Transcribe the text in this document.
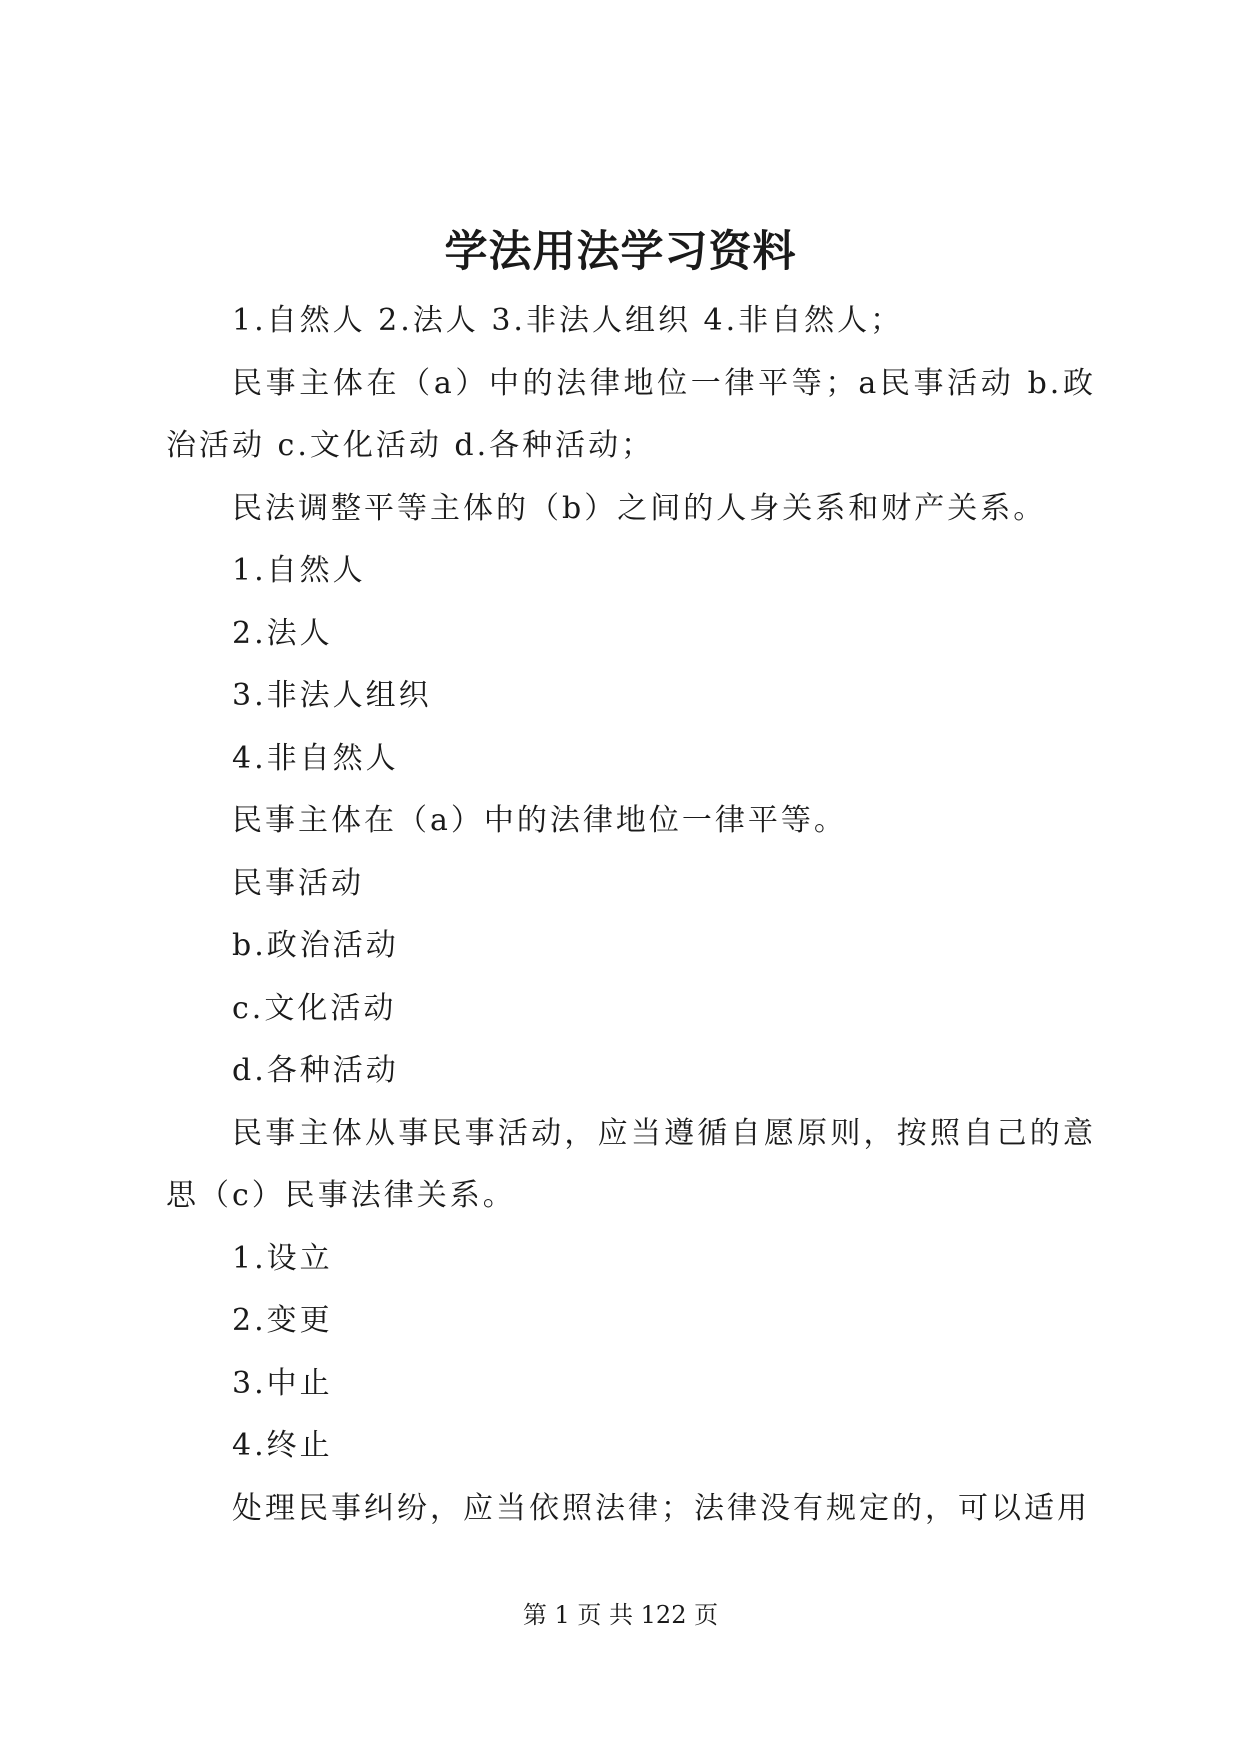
学法用法学习资料

1.自然人 2.法人 3.非法人组织 4.非自然人；

民事主体在（a）中的法律地位一律平等；a民事活动 b.政治活动 c.文化活动 d.各种活动；

民法调整平等主体的（b）之间的人身关系和财产关系。

1.自然人

2.法人

3.非法人组织

4.非自然人

民事主体在（a）中的法律地位一律平等。

民事活动

b.政治活动

c.文化活动

d.各种活动

民事主体从事民事活动，应当遵循自愿原则，按照自己的意思（c）民事法律关系。

1.设立

2.变更

3.中止

4.终止

处理民事纠纷，应当依照法律；法律没有规定的，可以适用

第 1 页 共 122 页
